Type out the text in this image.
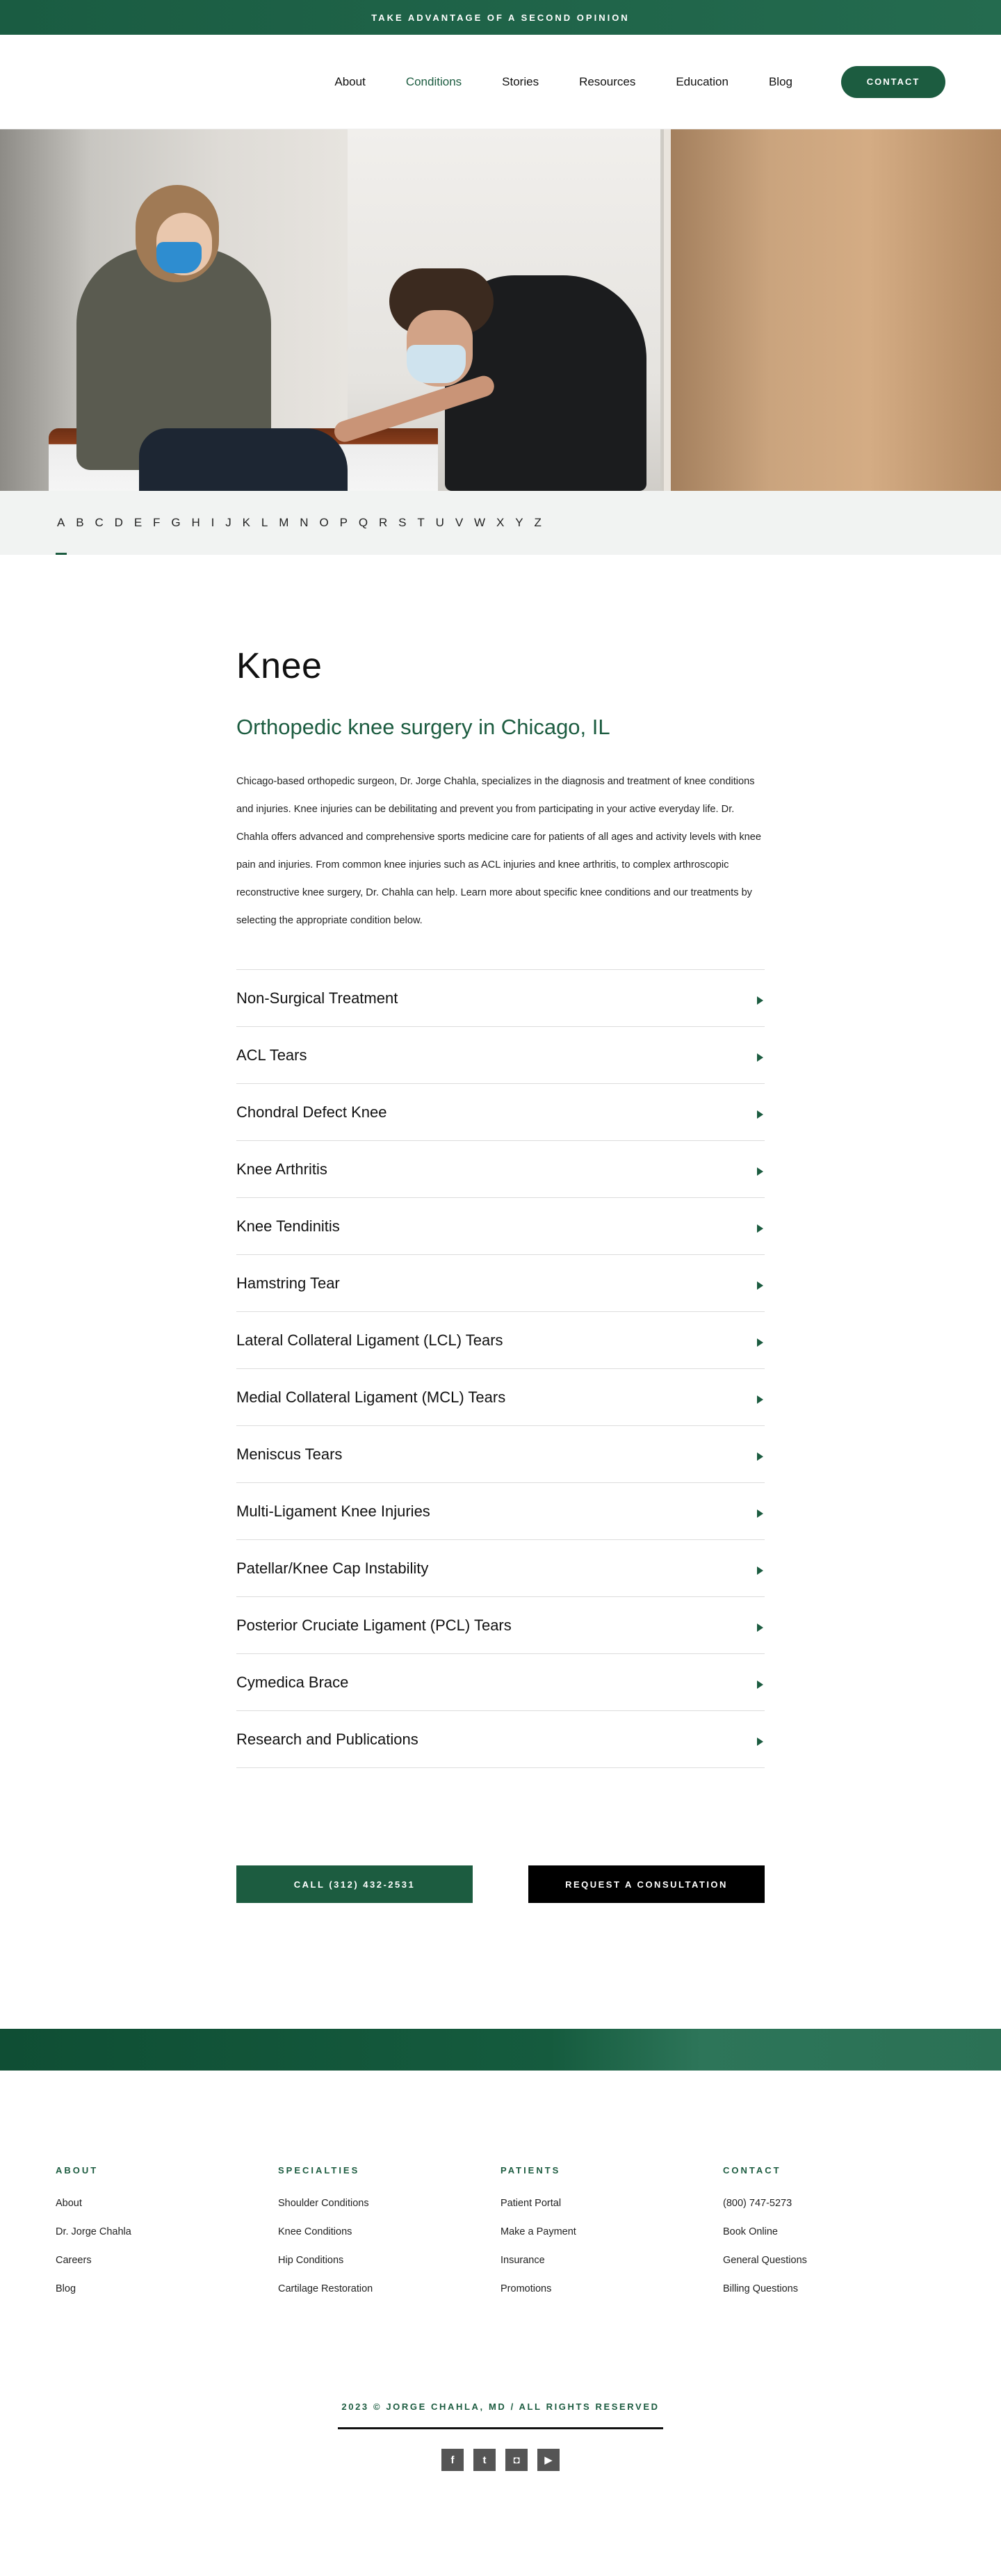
TAKE ADVANTAGE OF A SECOND OPINION
About	Conditions	Stories	Resources	Education	Blog	CONTACT
A B C D E F G H I J K L M N O P Q R S T U V W X Y Z
Knee
Orthopedic knee surgery in Chicago, IL

Chicago-based orthopedic surgeon, Dr. Jorge Chahla, specializes in the diagnosis and treatment of knee conditions and injuries. Knee injuries can be debilitating and prevent you from participating in your active everyday life. Dr. Chahla offers advanced and comprehensive sports medicine care for patients of all ages and activity levels with knee pain and injuries. From common knee injuries such as ACL injuries and knee arthritis, to complex arthroscopic reconstructive knee surgery, Dr. Chahla can help. Learn more about specific knee conditions and our treatments by selecting the appropriate condition below.

Non-Surgical Treatment
ACL Tears
Chondral Defect Knee
Knee Arthritis
Knee Tendinitis
Hamstring Tear
Lateral Collateral Ligament (LCL) Tears
Medial Collateral Ligament (MCL) Tears
Meniscus Tears
Multi-Ligament Knee Injuries
Patellar/Knee Cap Instability
Posterior Cruciate Ligament (PCL) Tears
Cymedica Brace
Research and Publications
CALL (312) 432-2531	REQUEST A CONSULTATION
ABOUT
About
Dr. Jorge Chahla
Careers
Blog
SPECIALTIES
Shoulder Conditions
Knee Conditions
Hip Conditions
Cartilage Restoration
PATIENTS
Patient Portal
Make a Payment
Insurance
Promotions
CONTACT
(800) 747-5273
Book Online
General Questions
Billing Questions
2023 © JORGE CHAHLA, MD / ALL RIGHTS RESERVED
f	t	◘	▶
